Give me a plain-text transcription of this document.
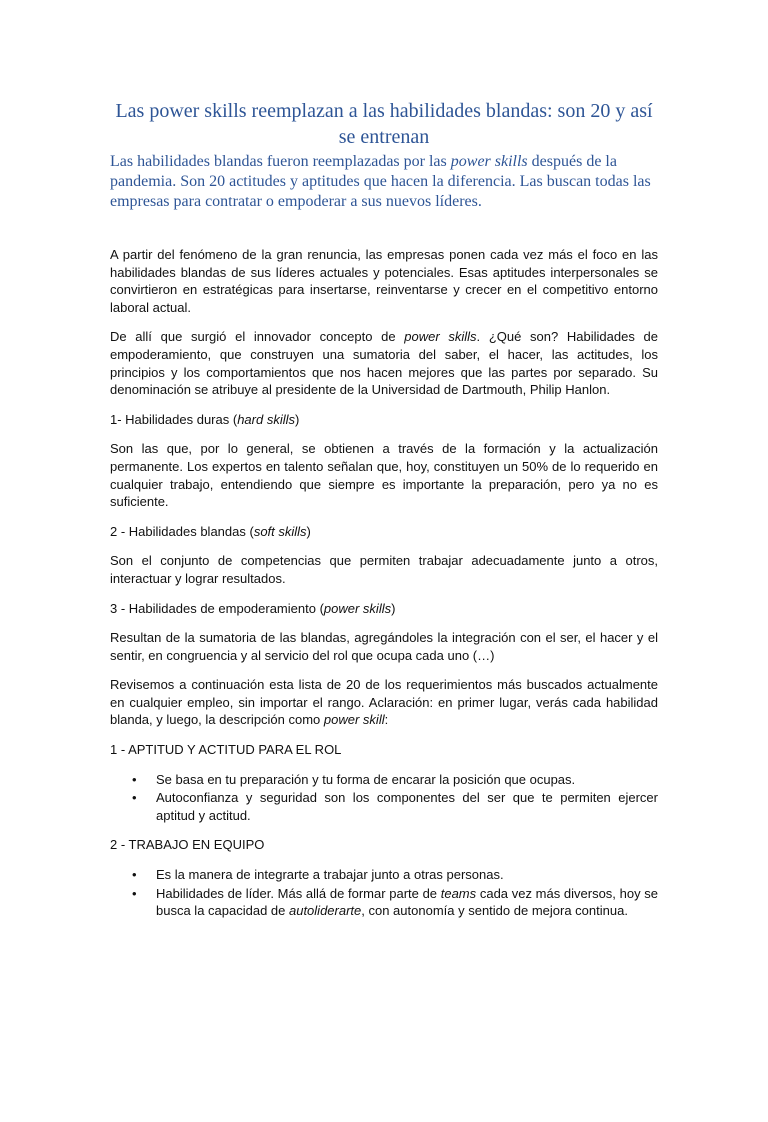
Las power skills reemplazan a las habilidades blandas: son 20 y así se entrenan

Las habilidades blandas fueron reemplazadas por las power skills después de la pandemia. Son 20 actitudes y aptitudes que hacen la diferencia. Las buscan todas las empresas para contratar o empoderar a sus nuevos líderes.

A partir del fenómeno de la gran renuncia, las empresas ponen cada vez más el foco en las habilidades blandas de sus líderes actuales y potenciales. Esas aptitudes interpersonales se convirtieron en estratégicas para insertarse, reinventarse y crecer en el competitivo entorno laboral actual.

De allí que surgió el innovador concepto de power skills. ¿Qué son? Habilidades de empoderamiento, que construyen una sumatoria del saber, el hacer, las actitudes, los principios y los comportamientos que nos hacen mejores que las partes por separado. Su denominación se atribuye al presidente de la Universidad de Dartmouth, Philip Hanlon.

1- Habilidades duras (hard skills)

Son las que, por lo general, se obtienen a través de la formación y la actualización permanente. Los expertos en talento señalan que, hoy, constituyen un 50% de lo requerido en cualquier trabajo, entendiendo que siempre es importante la preparación, pero ya no es suficiente.

2 - Habilidades blandas (soft skills)

Son el conjunto de competencias que permiten trabajar adecuadamente junto a otros, interactuar y lograr resultados.

3 - Habilidades de empoderamiento (power skills)

Resultan de la sumatoria de las blandas, agregándoles la integración con el ser, el hacer y el sentir, en congruencia y al servicio del rol que ocupa cada uno (…)

Revisemos a continuación esta lista de 20 de los requerimientos más buscados actualmente en cualquier empleo, sin importar el rango. Aclaración: en primer lugar, verás cada habilidad blanda, y luego, la descripción como power skill:

1 - APTITUD Y ACTITUD PARA EL ROL

• Se basa en tu preparación y tu forma de encarar la posición que ocupas.
• Autoconfianza y seguridad son los componentes del ser que te permiten ejercer aptitud y actitud.

2 - TRABAJO EN EQUIPO

• Es la manera de integrarte a trabajar junto a otras personas.
• Habilidades de líder. Más allá de formar parte de teams cada vez más diversos, hoy se busca la capacidad de autoliderarte, con autonomía y sentido de mejora continua.
